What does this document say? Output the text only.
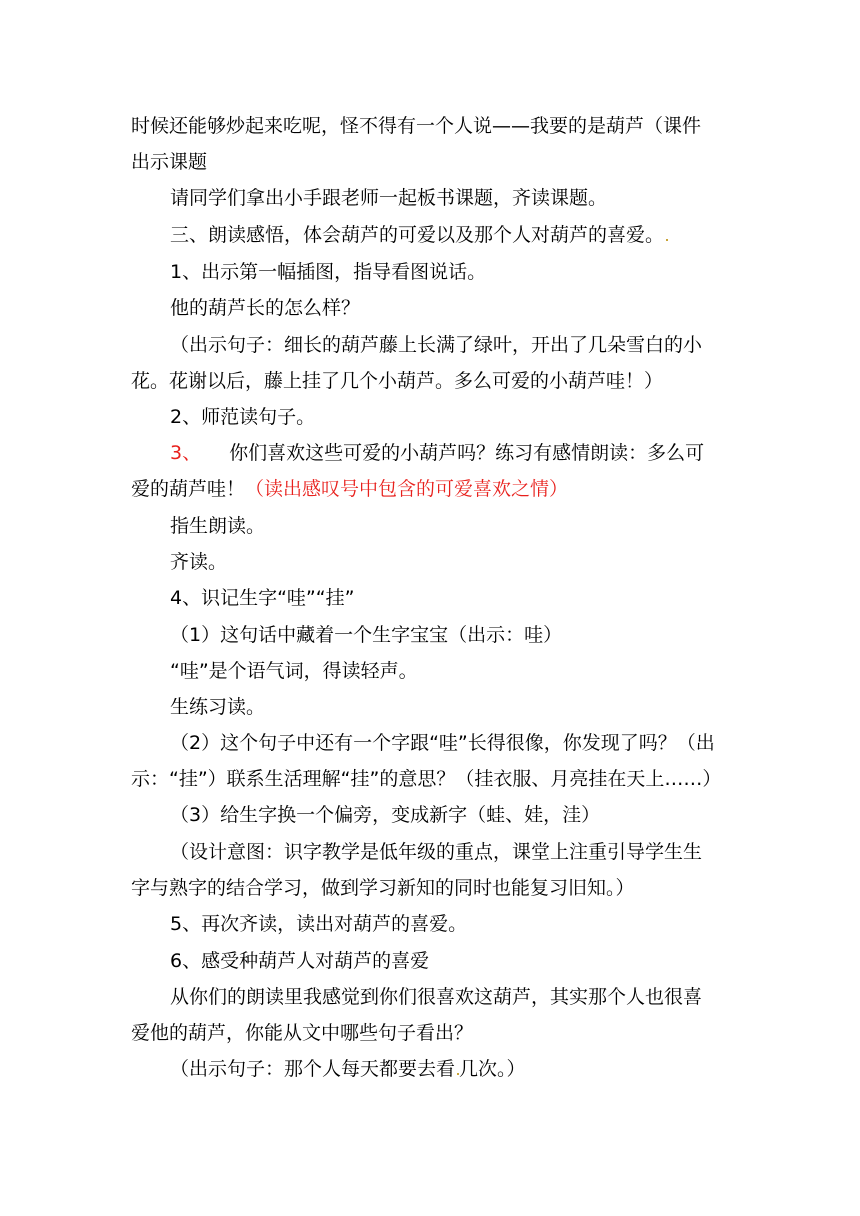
时候还能够炒起来吃呢，怪不得有一个人说——我要的是葫芦（课件
出示课题
请同学们拿出小手跟老师一起板书课题，齐读课题。
三、朗读感悟，体会葫芦的可爱以及那个人对葫芦的喜爱。
1、出示第一幅插图，指导看图说话。
他的葫芦长的怎么样？
（出示句子：细长的葫芦藤上长满了绿叶，开出了几朵雪白的小
花。花谢以后，藤上挂了几个小葫芦。多么可爱的小葫芦哇！）
2、师范读句子。
3、 你们喜欢这些可爱的小葫芦吗？练习有感情朗读：多么可
爱的葫芦哇！（读出感叹号中包含的可爱喜欢之情）
指生朗读。
齐读。
4、识记生字“哇”“挂”
（1）这句话中藏着一个生字宝宝（出示：哇）
“哇”是个语气词，得读轻声。
生练习读。
（2）这个句子中还有一个字跟“哇”长得很像，你发现了吗？（出
示：“挂”）联系生活理解“挂”的意思？（挂衣服、月亮挂在天上……）
（3）给生字换一个偏旁，变成新字（蛙、娃，洼）
（设计意图：识字教学是低年级的重点，课堂上注重引导学生生
字与熟字的结合学习，做到学习新知的同时也能复习旧知。）
5、再次齐读，读出对葫芦的喜爱。
6、感受种葫芦人对葫芦的喜爱
从你们的朗读里我感觉到你们很喜欢这葫芦，其实那个人也很喜
爱他的葫芦，你能从文中哪些句子看出？
（出示句子：那个人每天都要去看 几次。）
